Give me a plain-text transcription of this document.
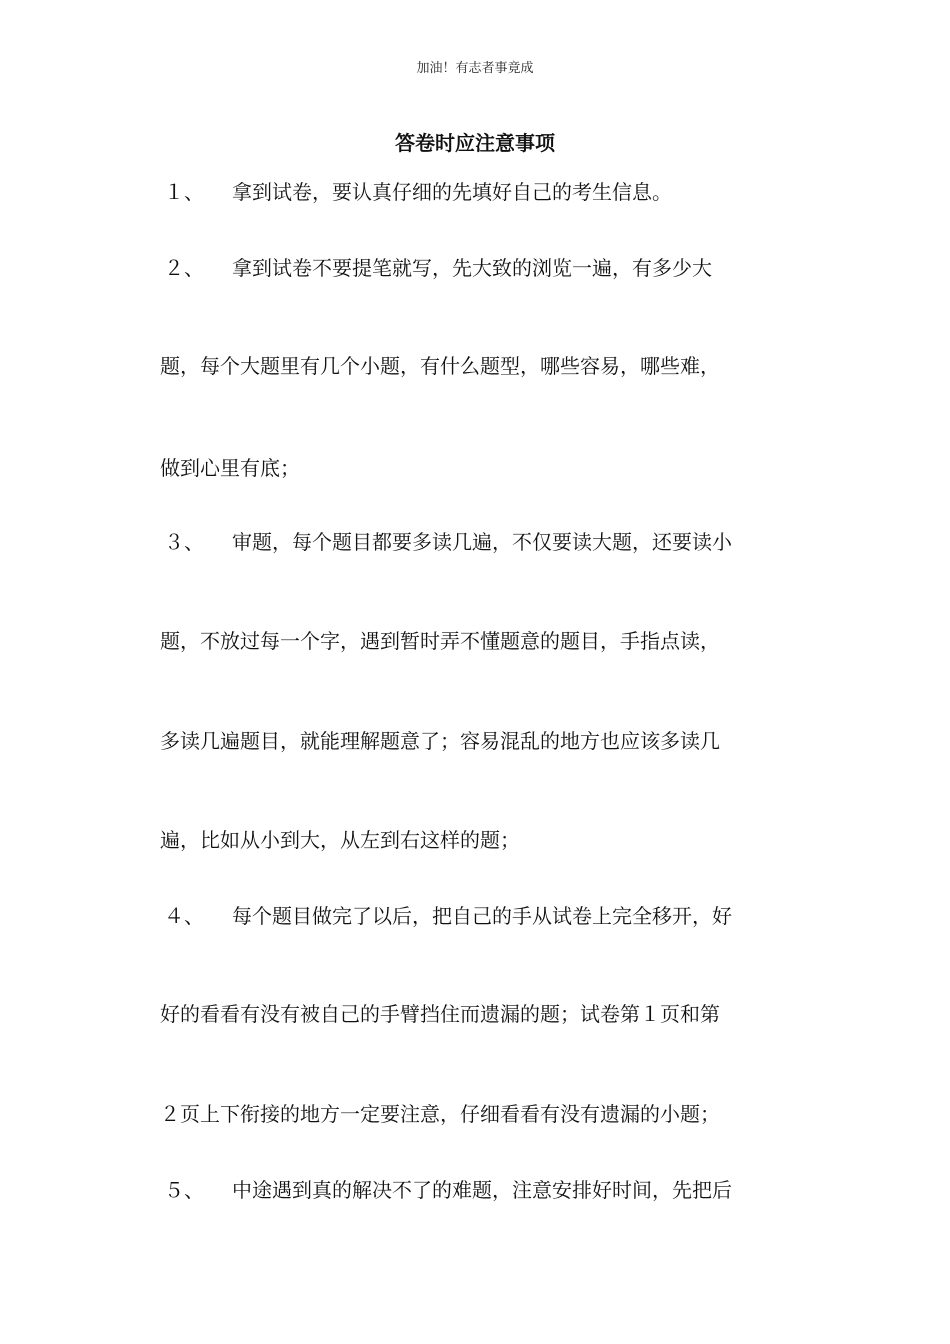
加油！有志者事竟成
答卷时应注意事项
１、 拿到试卷，要认真仔细的先填好自己的考生信息。
２、 拿到试卷不要提笔就写，先大致的浏览一遍，有多少大
题，每个大题里有几个小题，有什么题型，哪些容易，哪些难，
做到心里有底；
３、 审题，每个题目都要多读几遍，不仅要读大题，还要读小
题，不放过每一个字，遇到暂时弄不懂题意的题目，手指点读，
多读几遍题目，就能理解题意了；容易混乱的地方也应该多读几
遍，比如从小到大，从左到右这样的题；
４、 每个题目做完了以后，把自己的手从试卷上完全移开，好
好的看看有没有被自己的手臂挡住而遗漏的题；试卷第１页和第
２页上下衔接的地方一定要注意，仔细看看有没有遗漏的小题；
５、 中途遇到真的解决不了的难题，注意安排好时间，先把后
